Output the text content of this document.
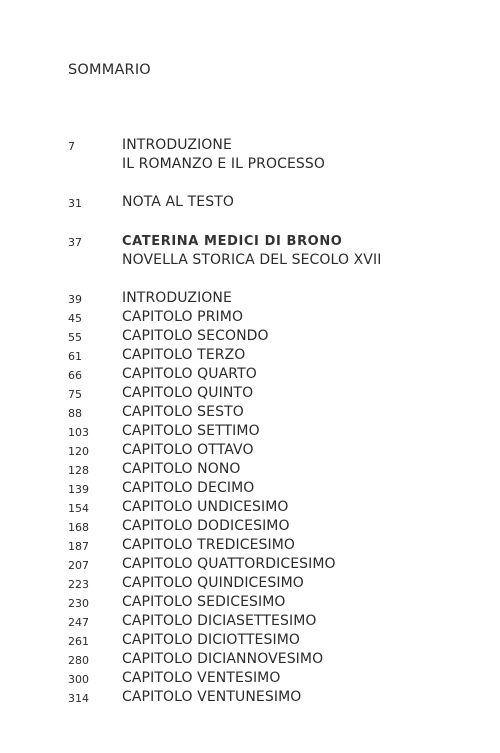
SOMMARIO
7	INTRODUZIONE
IL ROMANZO E IL PROCESSO
31	NOTA AL TESTO
37	CATERINA MEDICI DI BRONO
NOVELLA STORICA DEL SECOLO XVII
39	INTRODUZIONE
45	CAPITOLO PRIMO
55	CAPITOLO SECONDO
61	CAPITOLO TERZO
66	CAPITOLO QUARTO
75	CAPITOLO QUINTO
88	CAPITOLO SESTO
103 CAPITOLO SETTIMO
120 CAPITOLO OTTAVO
128 CAPITOLO NONO
139 CAPITOLO DECIMO
154 CAPITOLO UNDICESIMO
168 CAPITOLO DODICESIMO
187 CAPITOLO TREDICESIMO
207 CAPITOLO QUATTORDICESIMO
223 CAPITOLO QUINDICESIMO
230 CAPITOLO SEDICESIMO
247 CAPITOLO DICIASETTESIMO
261 CAPITOLO DICIOTTESIMO
280 CAPITOLO DICIANNOVESIMO
300 CAPITOLO VENTESIMO
314 CAPITOLO VENTUNESIMO
